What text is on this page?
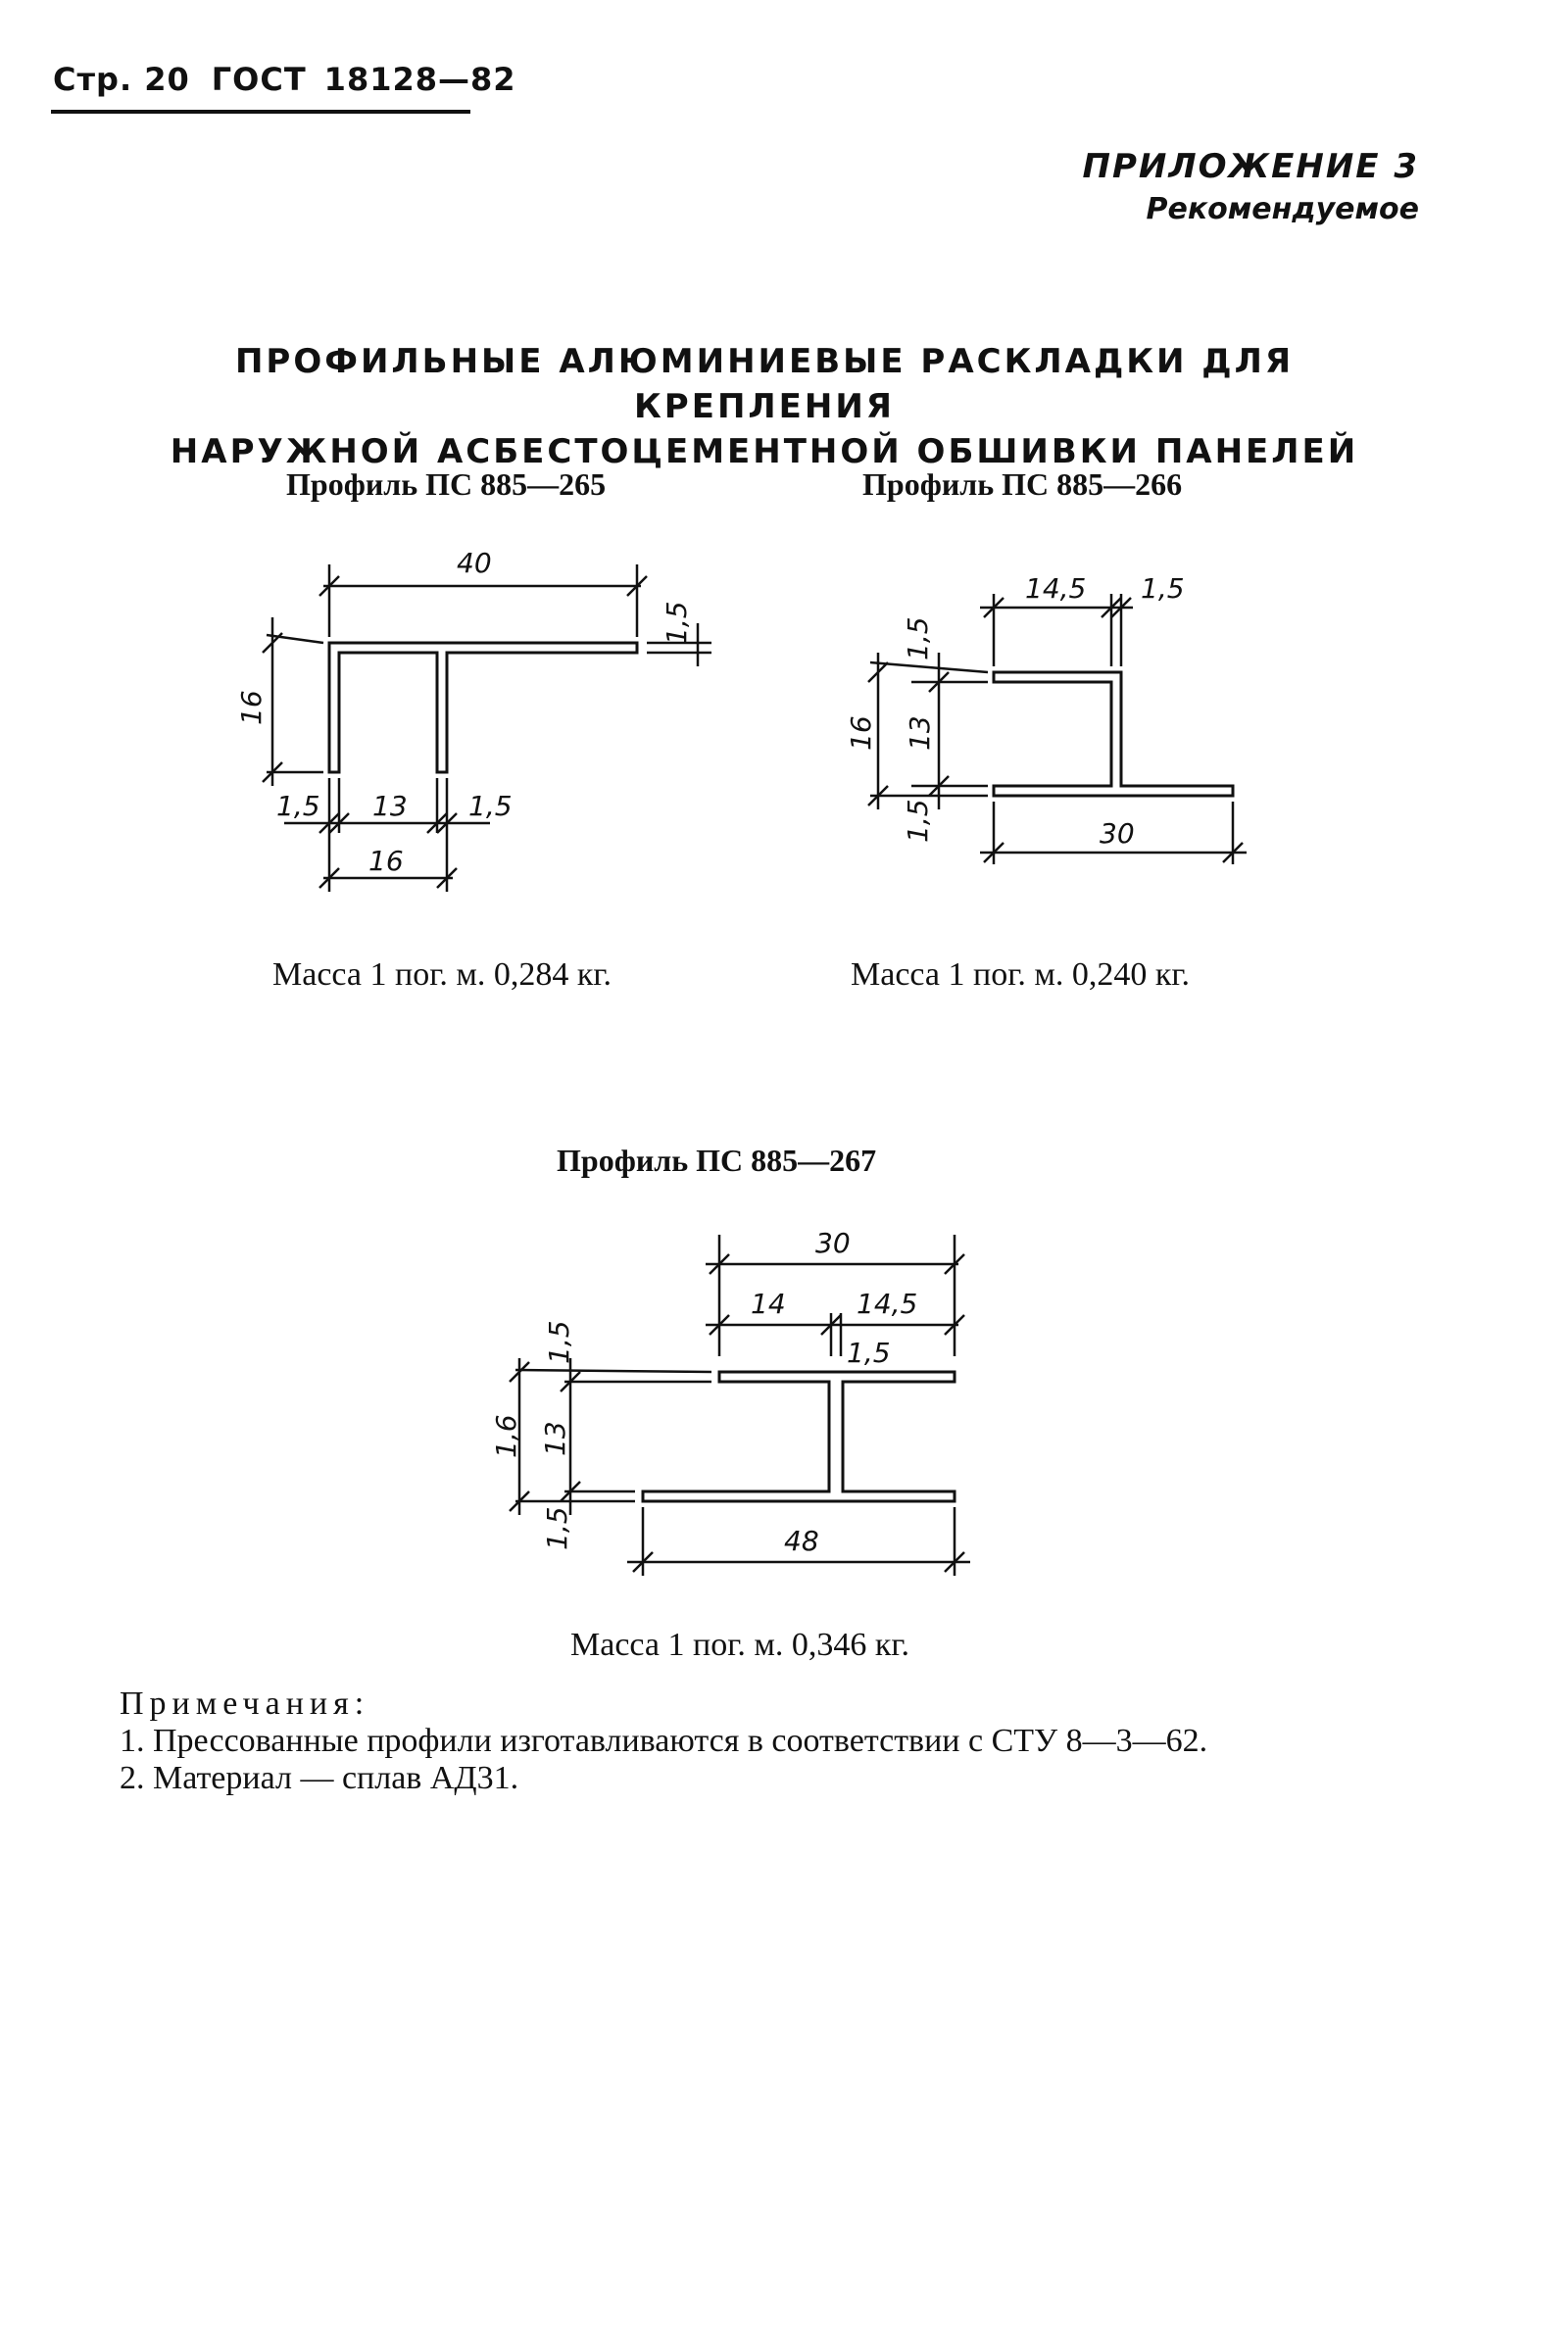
Стр. 20 ГОСТ 18128—82
ПРИЛОЖЕНИЕ 3
Рекомендуемое
ПРОФИЛЬНЫЕ АЛЮМИНИЕВЫЕ РАСКЛАДКИ ДЛЯ КРЕПЛЕНИЯ
НАРУЖНОЙ АСБЕСТОЦЕМЕНТНОЙ ОБШИВКИ ПАНЕЛЕЙ
Профиль ПС 885—265	Профиль ПС 885—266
Профиль ПС 885—267
40
1,5
16
1,5 13 1,5
16
14,5 1,5
1,5
16 13
1,5	30
30
14	14,5
1,5
1,5
1,6 13
1,5	48
Масса 1 пог. м. 0,284 кг.	Масса 1 пог. м. 0,240 кг.
Масса 1 пог. м. 0,346 кг.
Примечания:
1. Прессованные профили изготавливаются в соответствии с СТУ 8—3—62.
2. Материал — сплав АД31.
